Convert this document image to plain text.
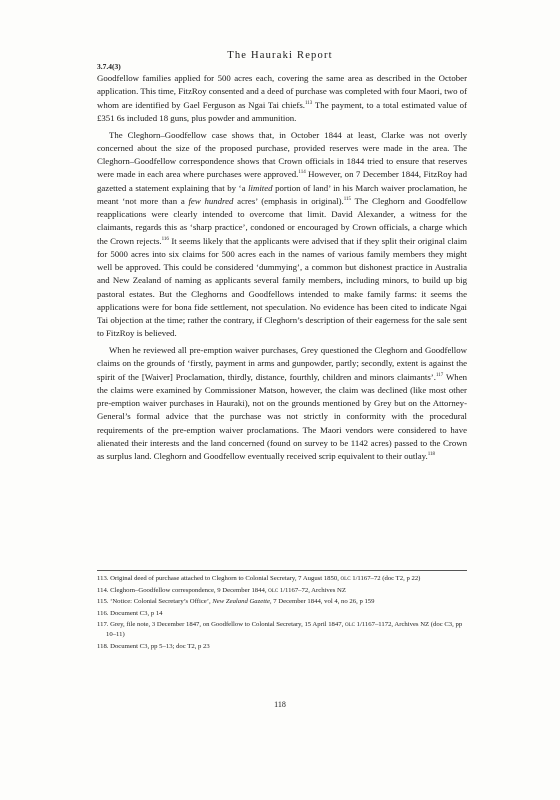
The Hauraki Report
3.7.4(3)

Goodfellow families applied for 500 acres each, covering the same area as described in the October application. This time, FitzRoy consented and a deed of purchase was completed with four Maori, two of whom are identified by Gael Ferguson as Ngai Tai chiefs.$^{113}$ The payment, to a total estimated value of £351 6s included 18 guns, plus powder and ammunition.

The Cleghorn–Goodfellow case shows that, in October 1844 at least, Clarke was not overly concerned about the size of the proposed purchase, provided reserves were made in the area. The Cleghorn–Goodfellow correspondence shows that Crown officials in 1844 tried to ensure that reserves were made in each area where purchases were approved.$^{114}$ However, on 7 December 1844, FitzRoy had gazetted a statement explaining that by ‘a limited portion of land’ in his March waiver proclamation, he meant ‘not more than a few hundred acres’ (emphasis in original).$^{115}$ The Cleghorn and Goodfellow reapplications were clearly intended to overcome that limit. David Alexander, a witness for the claimants, regards this as ‘sharp practice’, condoned or encouraged by Crown officials, a charge which the Crown rejects.$^{116}$ It seems likely that the applicants were advised that if they split their original claim for 5000 acres into six claims for 500 acres each in the names of various family members they might well be approved. This could be considered ‘dummying’, a common but dishonest practice in Australia and New Zealand of naming as applicants several family members, including minors, to build up big pastoral estates. But the Cleghorns and Goodfellows intended to make family farms: it seems the applications were for bona fide settlement, not speculation. No evidence has been cited to indicate Ngai Tai objection at the time; rather the contrary, if Cleghorn’s description of their eagerness for the sale sent to FitzRoy is believed.

When he reviewed all pre-emption waiver purchases, Grey questioned the Cleghorn and Goodfellow claims on the grounds of ‘firstly, payment in arms and gunpowder, partly; secondly, extent is against the spirit of the [Waiver] Proclamation, thirdly, distance, fourthly, children and minors claimants’.$^{117}$ When the claims were examined by Commissioner Matson, however, the claim was declined (like most other pre-emption waiver purchases in Hauraki), not on the grounds mentioned by Grey but on the Attorney-General’s formal advice that the purchase was not strictly in conformity with the procedural requirements of the pre-emption waiver proclamations. The Maori vendors were considered to have alienated their interests and the land concerned (found on survey to be 1142 acres) passed to the Crown as surplus land. Cleghorn and Goodfellow eventually received scrip equivalent to their outlay.$^{118}$

113. Original deed of purchase attached to Cleghorn to Colonial Secretary, 7 August 1850, olc 1/1167–72 (doc T2, p 22)
114. Cleghorn–Goodfellow correspondence, 9 December 1844, olc 1/1167–72, Archives NZ
115. ‘Notice: Colonial Secretary’s Office’, New Zealand Gazette, 7 December 1844, vol 4, no 26, p 159
116. Document C3, p 14
117. Grey, file note, 3 December 1847, on Goodfellow to Colonial Secretary, 15 April 1847, olc 1/1167–1172, Archives NZ (doc C3, pp 10–11)
118. Document C3, pp 5–13; doc T2, p 23
118
